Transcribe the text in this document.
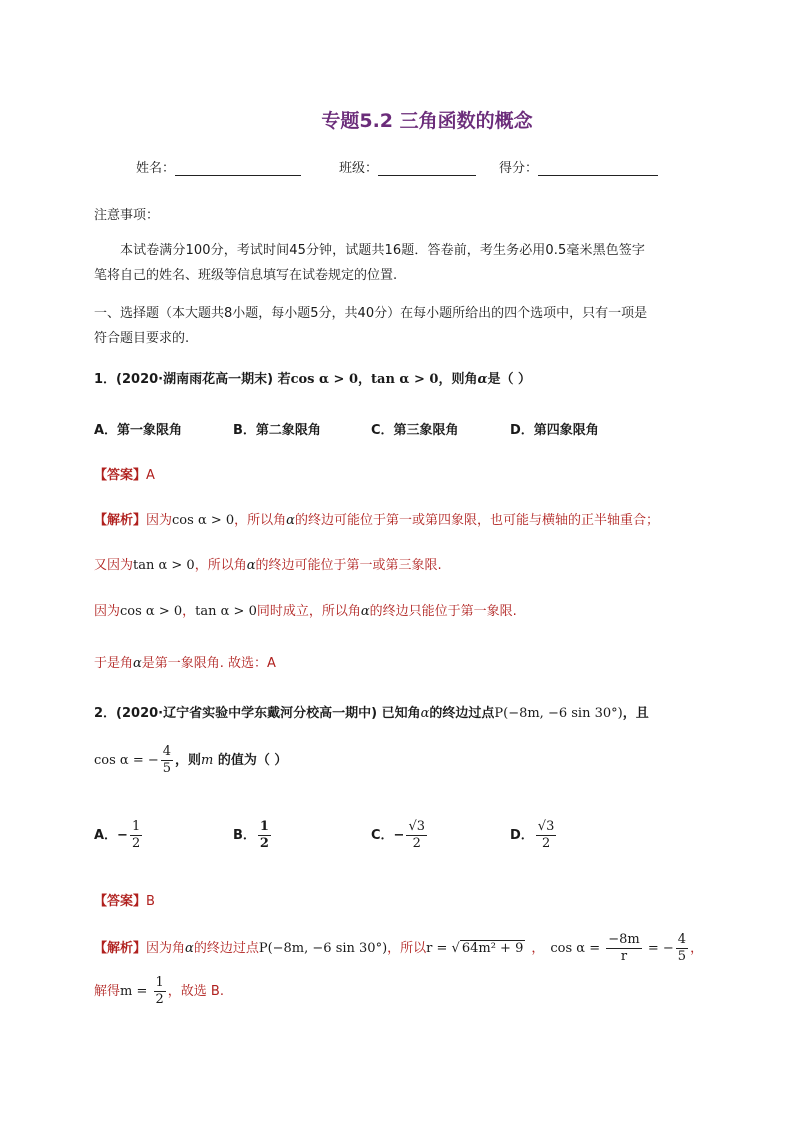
专题5.2 三角函数的概念
姓名：	班级：	得分：
注意事项：
本试卷满分100分，考试时间45分钟，试题共16题．答卷前，考生务必用0.5毫米黑色签字
笔将自己的姓名、班级等信息填写在试卷规定的位置.
一、选择题（本大题共8小题，每小题5分，共40分）在每小题所给出的四个选项中，只有一项是
符合题目要求的.
1．(2020·湖南雨花高一期末) 若cos α > 0，tan α > 0，则角α是（ ）
A．第一象限角	B．第二象限角	C．第三象限角	D．第四象限角
【答案】A
【解析】因为cos α > 0，所以角α的终边可能位于第一或第四象限，也可能与横轴的正半轴重合；
又因为tan α > 0，所以角α的终边可能位于第一或第三象限.
因为cos α > 0，tan α > 0同时成立，所以角α的终边只能位于第一象限.
于是角α是第一象限角. 故选：A
2．(2020·辽宁省实验中学东戴河分校高一期中) 已知角α的终边过点P(−8m, −6 sin 30°)，且
cos α = − $\frac{4}{5}$ ，则m 的值为（ ）
A．− $\frac{1}{2}$	B． $\frac{1}{2}$	C．− $\frac{√3}{2}$	D． $\frac{√3}{2}$
【答案】B
【解析】因为角α的终边过点P(−8m, −6 sin 30°)，所以r = √ 64m² + 9 ， $\cos \alpha = \frac{-8m}{r}$ = − $\frac{4}{5}$ ，
解得$m = \frac{1}{2}$ ，故选 B.
